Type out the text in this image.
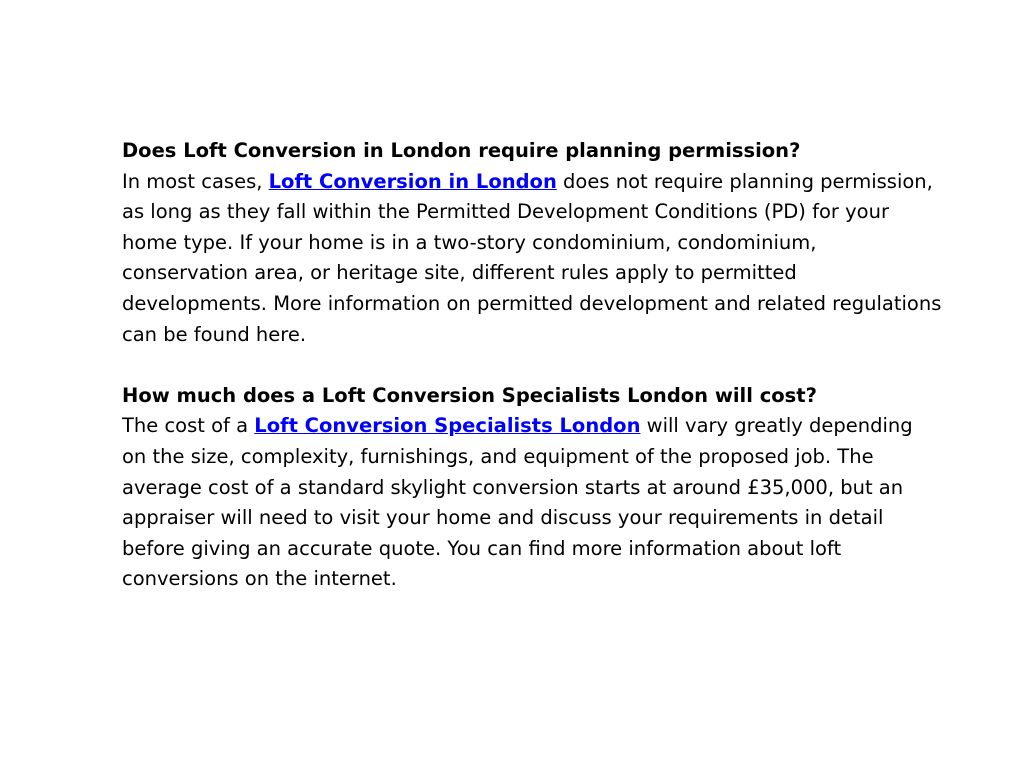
Does Loft Conversion in London require planning permission?
In most cases, Loft Conversion in London does not require planning permission, as long as they fall within the Permitted Development Conditions (PD) for your home type. If your home is in a two-story condominium, condominium, conservation area, or heritage site, different rules apply to permitted developments. More information on permitted development and related regulations can be found here.
How much does a Loft Conversion Specialists London will cost?
The cost of a Loft Conversion Specialists London will vary greatly depending on the size, complexity, furnishings, and equipment of the proposed job. The average cost of a standard skylight conversion starts at around £35,000, but an appraiser will need to visit your home and discuss your requirements in detail before giving an accurate quote. You can find more information about loft conversions on the internet.
